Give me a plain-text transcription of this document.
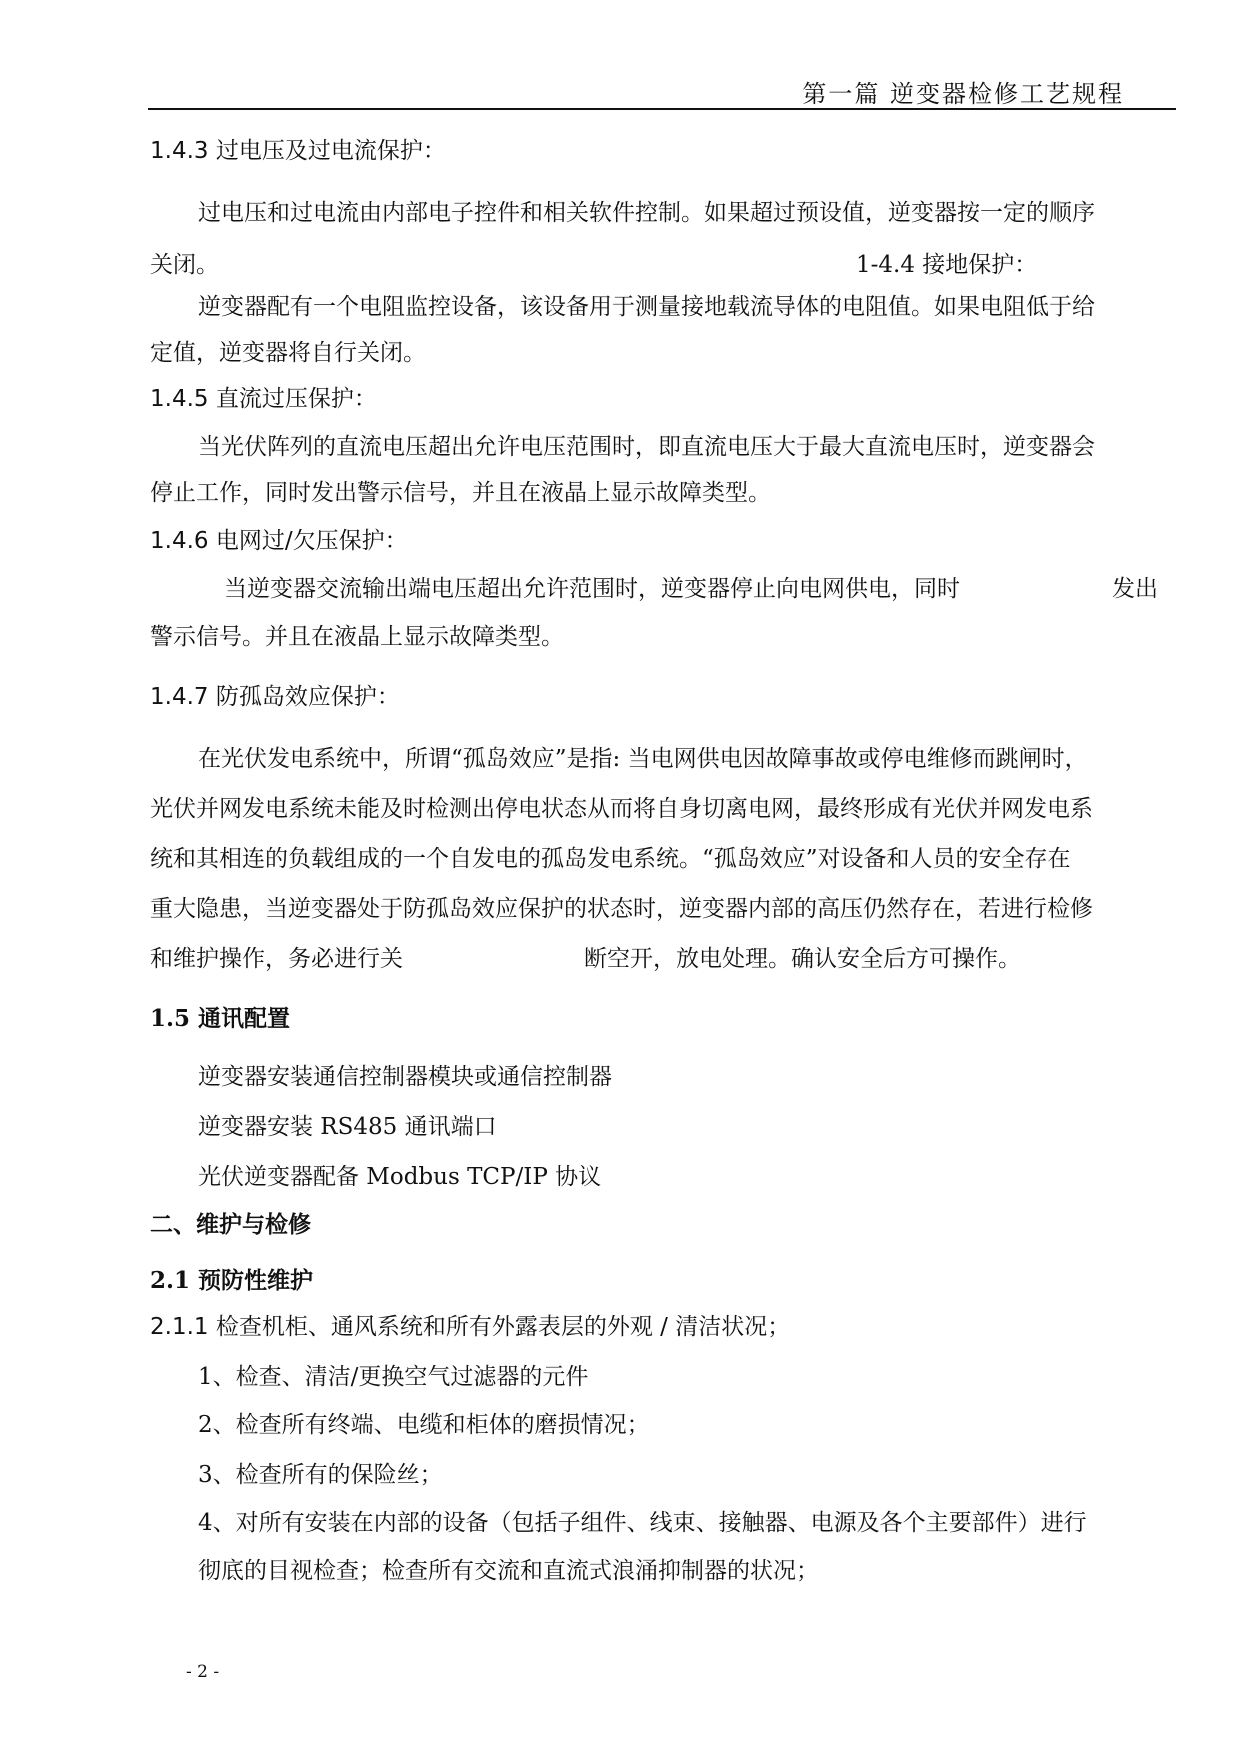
第一篇 逆变器检修工艺规程
1.4.3 过电压及过电流保护：
过电压和过电流由内部电子控件和相关软件控制。如果超过预设值，逆变器按一定的顺序
关闭。	1-4.4 接地保护：
逆变器配有一个电阻监控设备，该设备用于测量接地载流导体的电阻值。如果电阻低于给
定值，逆变器将自行关闭。
1.4.5 直流过压保护：
当光伏阵列的直流电压超出允许电压范围时，即直流电压大于最大直流电压时，逆变器会
停止工作，同时发出警示信号，并且在液晶上显示故障类型。
1.4.6 电网过/欠压保护：
当逆变器交流输出端电压超出允许范围时，逆变器停止向电网供电，同时	发出
警示信号。并且在液晶上显示故障类型。
1.4.7 防孤岛效应保护：
在光伏发电系统中，所谓“孤岛效应”是指: 当电网供电因故障事故或停电维修而跳闸时，
光伏并网发电系统未能及时检测出停电状态从而将自身切离电网，最终形成有光伏并网发电系
统和其相连的负载组成的一个自发电的孤岛发电系统。“孤岛效应”对设备和人员的安全存在
重大隐患，当逆变器处于防孤岛效应保护的状态时，逆变器内部的高压仍然存在，若进行检修
和维护操作，务必进行关	断空开，放电处理。确认安全后方可操作。
1.5 通讯配置
逆变器安装通信控制器模块或通信控制器
逆变器安装 RS485 通讯端口
光伏逆变器配备 Modbus TCP/IP 协议
二、维护与检修
2.1 预防性维护
2.1.1 检查机柜、通风系统和所有外露表层的外观 / 清洁状况；
1、检查、清洁/更换空气过滤器的元件
2、检查所有终端、电缆和柜体的磨损情况；
3、检查所有的保险丝；
4、对所有安装在内部的设备（包括子组件、线束、接触器、电源及各个主要部件）进行
彻底的目视检查；检查所有交流和直流式浪涌抑制器的状况；
- 2 -
